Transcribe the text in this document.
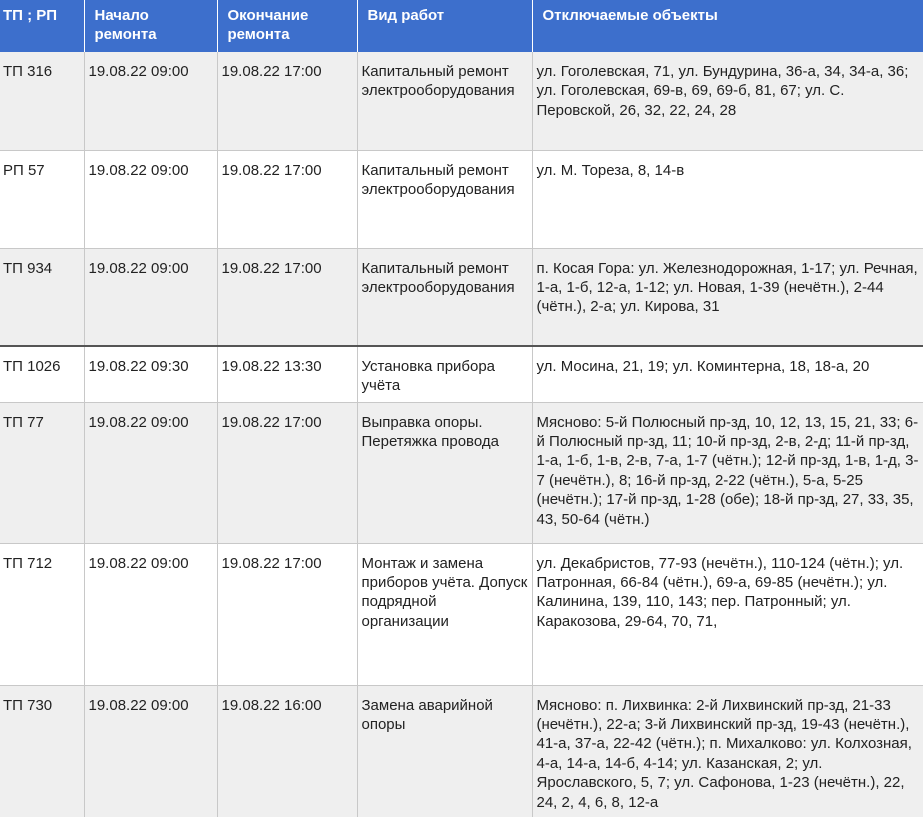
ТП ; РП	Начало ремонта	Окончание ремонта	Вид работ	Отключаемые объекты
ТП 316	19.08.22 09:00	19.08.22 17:00	Капитальный ремонт электрооборудования	ул. Гоголевская, 71, ул. Бундурина, 36-а, 34, 34-а, 36; ул. Гоголевская, 69-в, 69, 69-б, 81, 67; ул. С. Перовской, 26, 32, 22, 24, 28
РП 57	19.08.22 09:00	19.08.22 17:00	Капитальный ремонт электрооборудования	ул. М. Тореза, 8, 14-в
ТП 934	19.08.22 09:00	19.08.22 17:00	Капитальный ремонт электрооборудования	п. Косая Гора: ул. Железнодорожная, 1-17; ул. Речная, 1-а, 1-б, 12-а, 1-12; ул. Новая, 1-39 (нечётн.), 2-44 (чётн.), 2-а; ул. Кирова, 31
ТП 1026	19.08.22 09:30	19.08.22 13:30	Установка прибора учёта	ул. Мосина, 21, 19; ул. Коминтерна, 18, 18-а, 20
ТП 77	19.08.22 09:00	19.08.22 17:00	Выправка опоры. Перетяжка провода	Мясново: 5-й Полюсный пр-зд, 10, 12, 13, 15, 21, 33; 6-й Полюсный пр-зд, 11; 10-й пр-зд, 2-в, 2-д; 11-й пр-зд, 1-а, 1-б, 1-в, 2-в, 7-а, 1-7 (чётн.); 12-й пр-зд, 1-в, 1-д, 3-7 (нечётн.), 8; 16-й пр-зд, 2-22 (чётн.), 5-а, 5-25 (нечётн.); 17-й пр-зд, 1-28 (обе); 18-й пр-зд, 27, 33, 35, 43, 50-64 (чётн.)
ТП 712	19.08.22 09:00	19.08.22 17:00	Монтаж и замена приборов учёта. Допуск подрядной организации	ул. Декабристов, 77-93 (нечётн.), 110-124 (чётн.); ул. Патронная, 66-84 (чётн.), 69-а, 69-85 (нечётн.); ул. Калинина, 139, 110, 143; пер. Патронный; ул. Каракозова, 29-64, 70, 71,
ТП 730	19.08.22 09:00	19.08.22 16:00	Замена аварийной опоры	Мясново: п. Лихвинка: 2-й Лихвинский пр-зд, 21-33 (нечётн.), 22-а; 3-й Лихвинский пр-зд, 19-43 (нечётн.), 41-а, 37-а, 22-42 (чётн.); п. Михалково: ул. Колхозная, 4-а, 14-а, 14-б, 4-14; ул. Казанская, 2; ул. Ярославского, 5, 7; ул. Сафонова, 1-23 (нечётн.), 22, 24, 2, 4, 6, 8, 12-а
